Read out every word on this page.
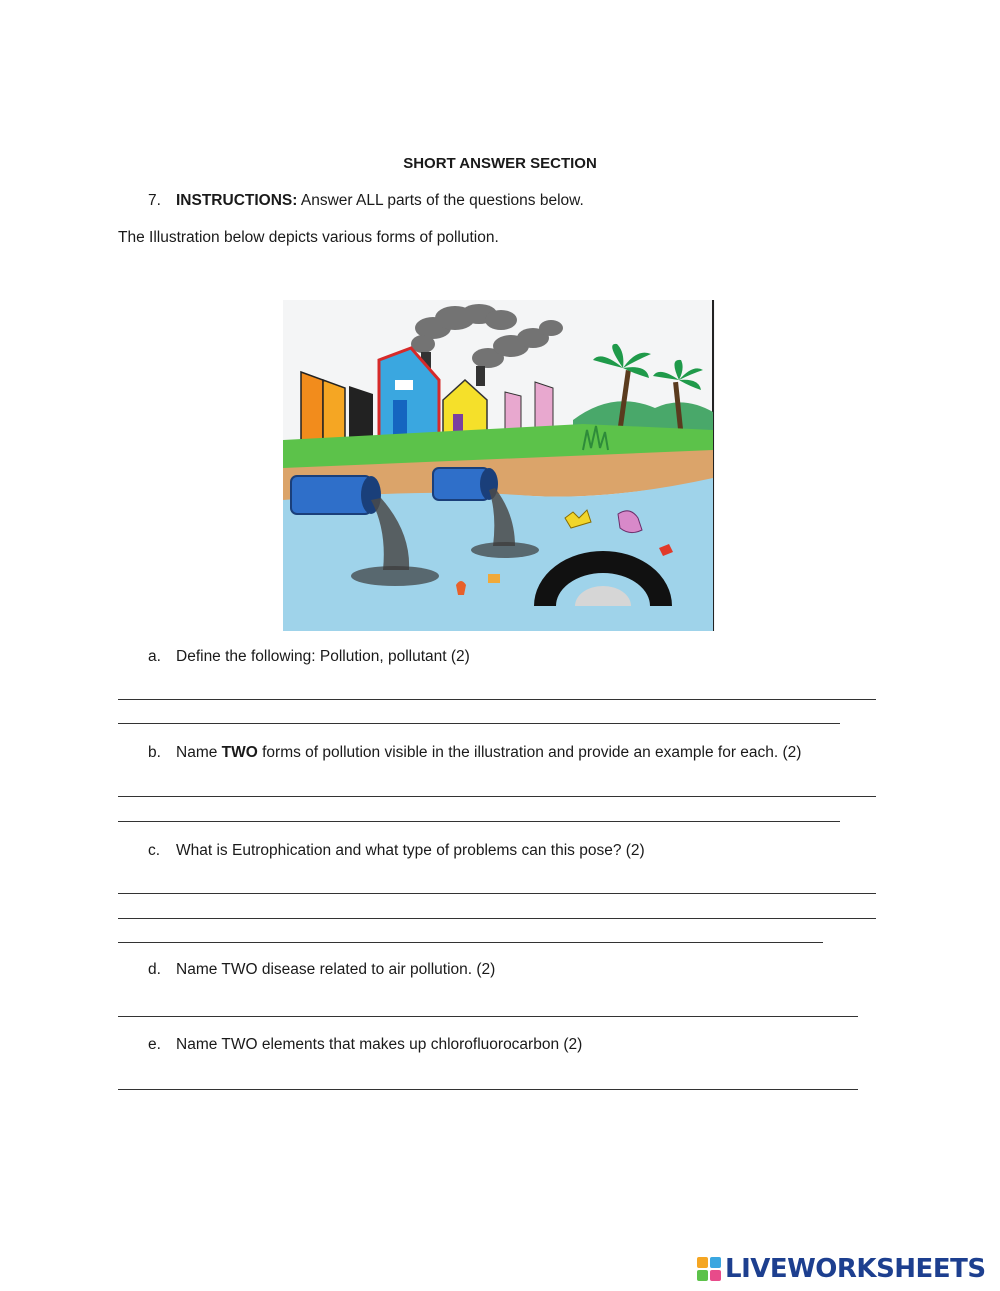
SHORT ANSWER SECTION
7. INSTRUCTIONS: Answer ALL parts of the questions below.
The Illustration below depicts various forms of pollution.
a. Define the following: Pollution, pollutant (2)
b. Name TWO forms of pollution visible in the illustration and provide an example for each. (2)
c. What is Eutrophication and what type of problems can this pose? (2)
d. Name TWO disease related to air pollution. (2)
e. Name TWO elements that makes up chlorofluorocarbon (2)
LIVEWORKSHEETS
